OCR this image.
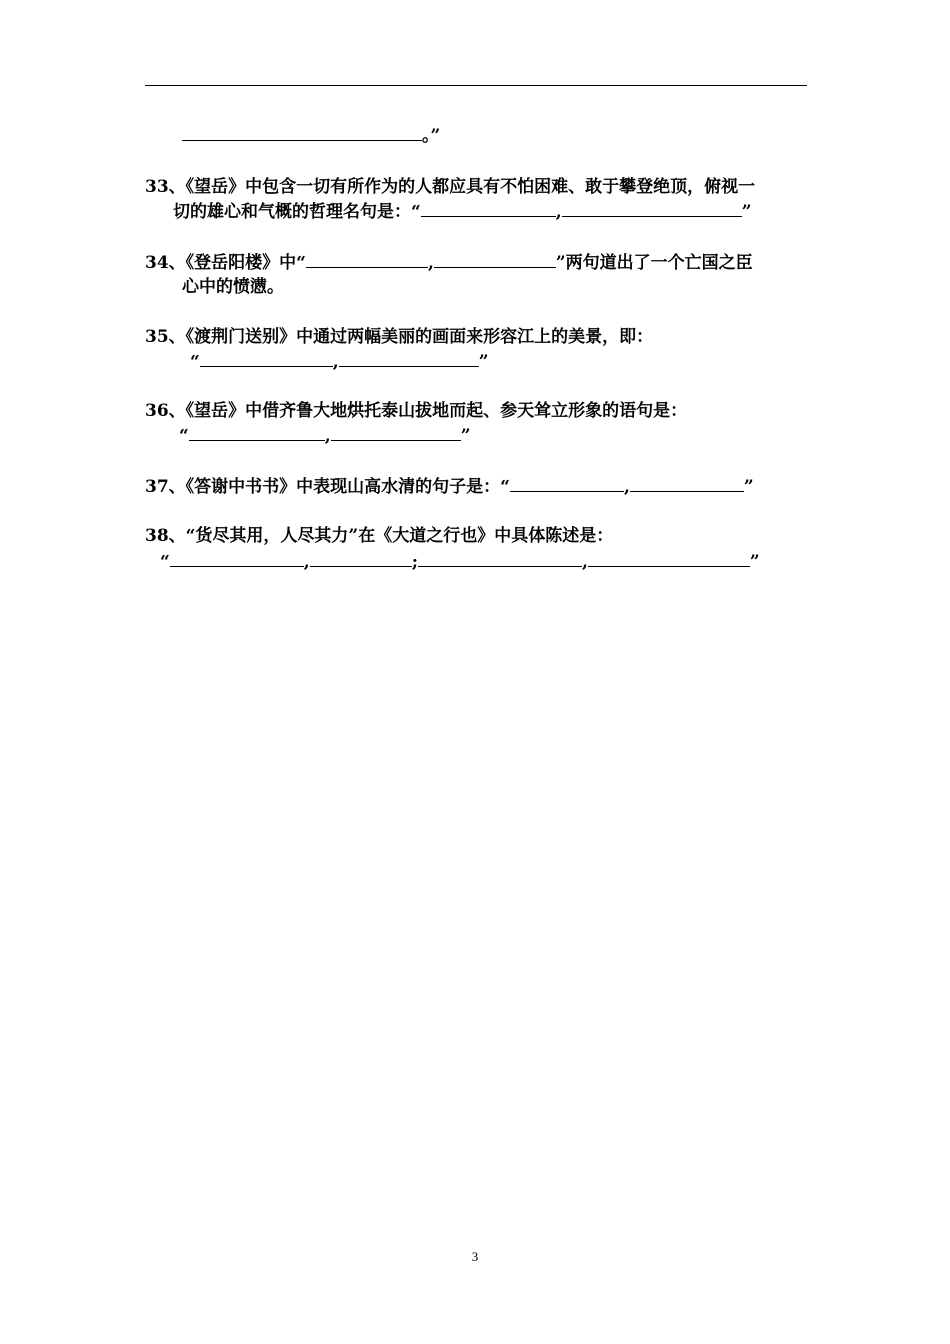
。”
33、《望岳》中包含一切有所作为的人都应具有不怕困难、敢于攀登绝顶，俯视一
切的雄心和气概的哲理名句是：“	,	”
34、《登岳阳楼》中“	,	”两句道出了一个亡国之臣
心中的愤懑。
35、《渡荆门送别》中通过两幅美丽的画面来形容江上的美景，即：
“	,	”
36、《望岳》中借齐鲁大地烘托泰山拔地而起、参天耸立形象的语句是：
“	,	”
37、《答谢中书书》中表现山高水清的句子是：“	,	”
38、“货尽其用，人尽其力”在《大道之行也》中具体陈述是：
“	,	;	,	”
3
